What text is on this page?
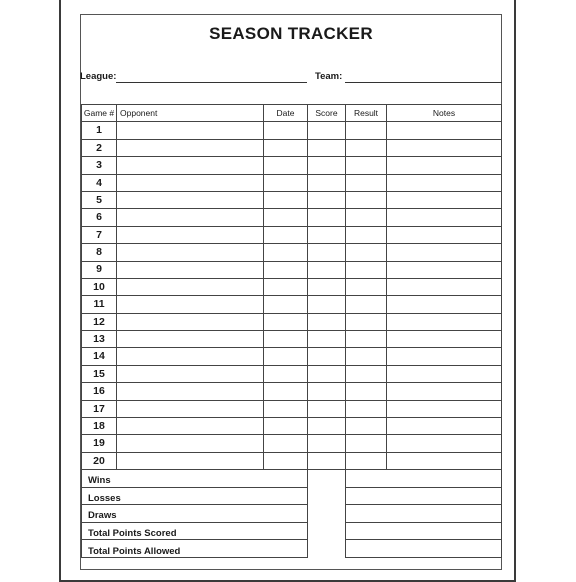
SEASON TRACKER
League:	Team:
Game #	Opponent	Date	Score	Result	Notes
1					
2					
3					
4					
5					
6					
7					
8					
9					
10					
11					
12					
13					
14					
15					
16					
17					
18					
19					
20					
Wins
Losses
Draws
Total Points Scored
Total Points Allowed
